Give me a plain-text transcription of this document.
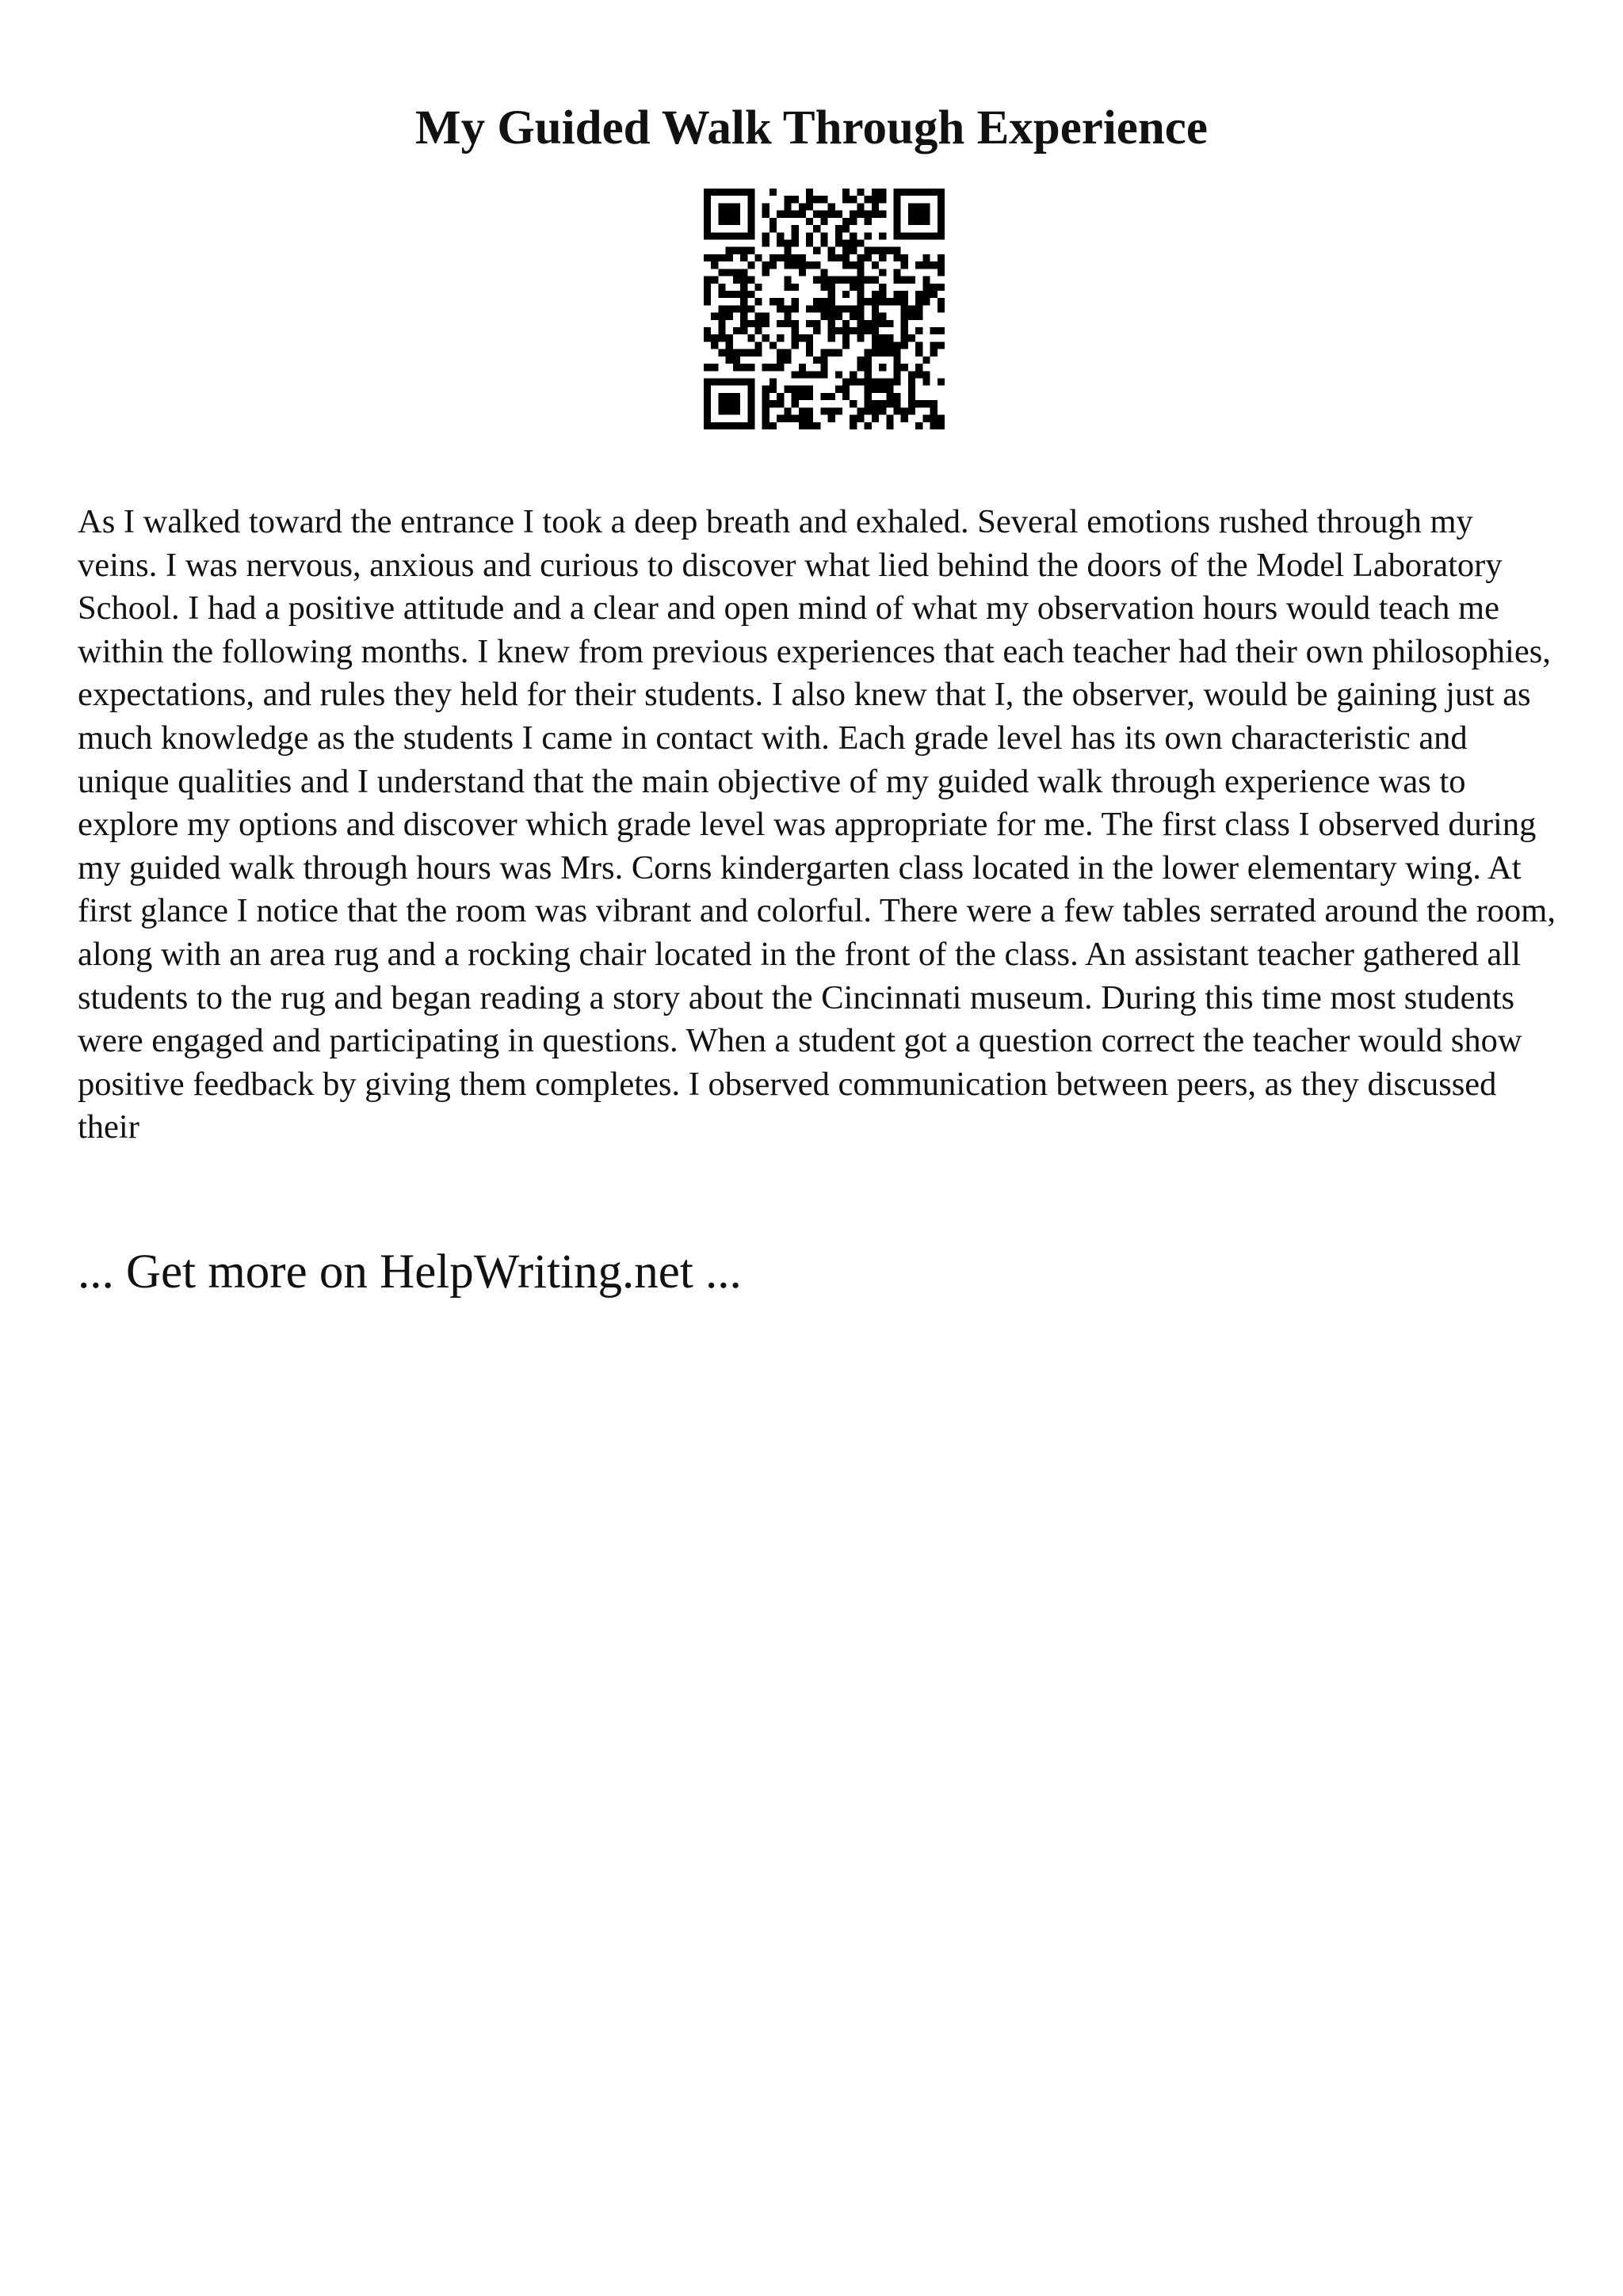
My Guided Walk Through Experience

As I walked toward the entrance I took a deep breath and exhaled. Several emotions rushed through my veins. I was nervous, anxious and curious to discover what lied behind the doors of the Model Laboratory School. I had a positive attitude and a clear and open mind of what my observation hours would teach me within the following months. I knew from previous experiences that each teacher had their own philosophies, expectations, and rules they held for their students. I also knew that I, the observer, would be gaining just as much knowledge as the students I came in contact with. Each grade level has its own characteristic and unique qualities and I understand that the main objective of my guided walk through experience was to explore my options and discover which grade level was appropriate for me. The first class I observed during my guided walk through hours was Mrs. Corns kindergarten class located in the lower elementary wing. At first glance I notice that the room was vibrant and colorful. There were a few tables serrated around the room, along with an area rug and a rocking chair located in the front of the class. An assistant teacher gathered all students to the rug and began reading a story about the Cincinnati museum. During this time most students were engaged and participating in questions. When a student got a question correct the teacher would show positive feedback by giving them completes. I observed communication between peers, as they discussed their

... Get more on HelpWriting.net ...
